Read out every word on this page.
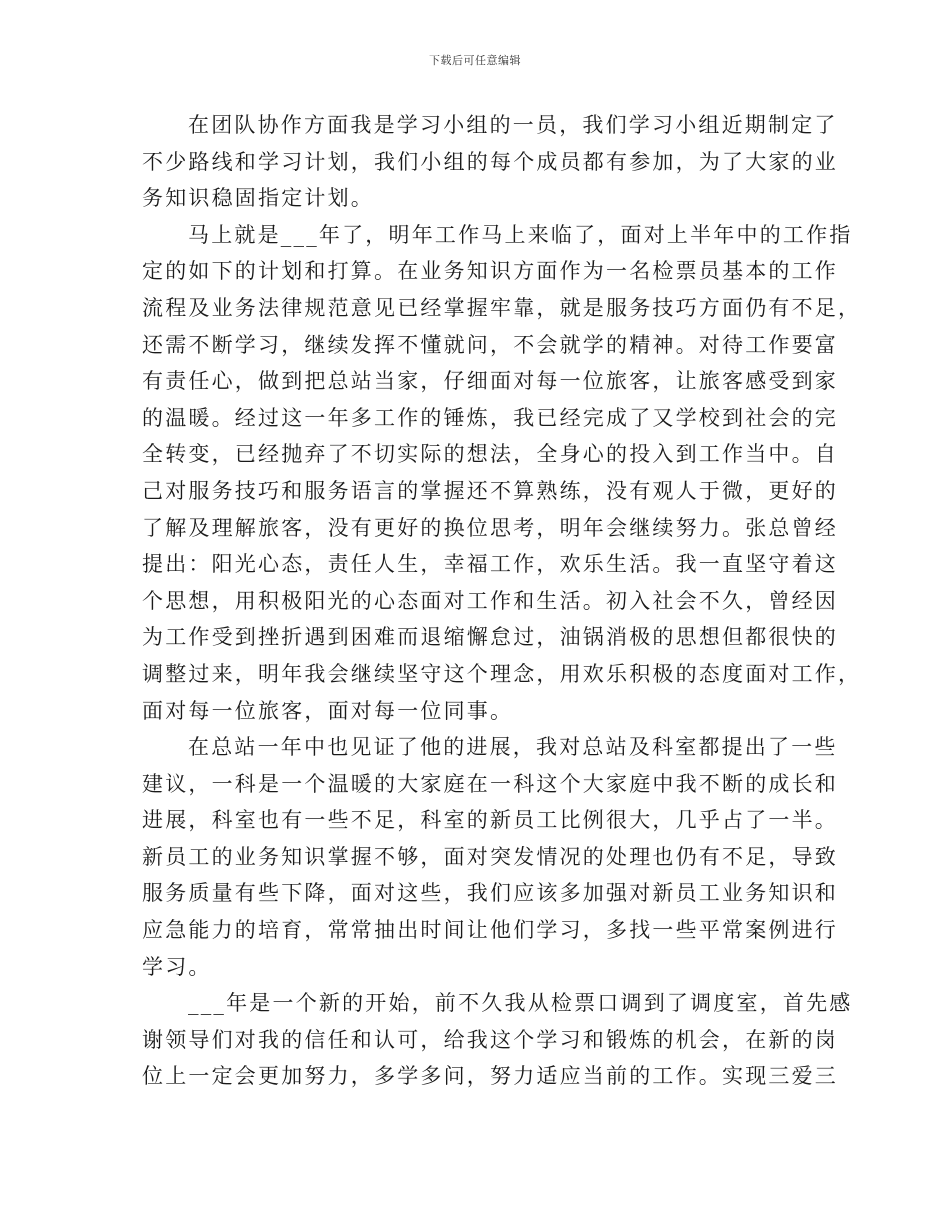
下载后可任意编辑
在团队协作方面我是学习小组的一员，我们学习小组近期制定了
不少路线和学习计划，我们小组的每个成员都有参加，为了大家的业
务知识稳固指定计划。
马上就是___年了，明年工作马上来临了，面对上半年中的工作指
定的如下的计划和打算。在业务知识方面作为一名检票员基本的工作
流程及业务法律规范意见已经掌握牢靠，就是服务技巧方面仍有不足，
还需不断学习，继续发挥不懂就问，不会就学的精神。对待工作要富
有责任心，做到把总站当家，仔细面对每一位旅客，让旅客感受到家
的温暖。经过这一年多工作的锤炼，我已经完成了又学校到社会的完
全转变，已经抛弃了不切实际的想法，全身心的投入到工作当中。自
己对服务技巧和服务语言的掌握还不算熟练，没有观人于微，更好的
了解及理解旅客，没有更好的换位思考，明年会继续努力。张总曾经
提出：阳光心态，责任人生，幸福工作，欢乐生活。我一直坚守着这
个思想，用积极阳光的心态面对工作和生活。初入社会不久，曾经因
为工作受到挫折遇到困难而退缩懈怠过，油锅消极的思想但都很快的
调整过来，明年我会继续坚守这个理念，用欢乐积极的态度面对工作，
面对每一位旅客，面对每一位同事。
在总站一年中也见证了他的进展，我对总站及科室都提出了一些
建议，一科是一个温暖的大家庭在一科这个大家庭中我不断的成长和
进展，科室也有一些不足，科室的新员工比例很大，几乎占了一半。
新员工的业务知识掌握不够，面对突发情况的处理也仍有不足，导致
服务质量有些下降，面对这些，我们应该多加强对新员工业务知识和
应急能力的培育，常常抽出时间让他们学习，多找一些平常案例进行
学习。
___年是一个新的开始，前不久我从检票口调到了调度室，首先感
谢领导们对我的信任和认可，给我这个学习和锻炼的机会，在新的岗
位上一定会更加努力，多学多问，努力适应当前的工作。实现三爱三
